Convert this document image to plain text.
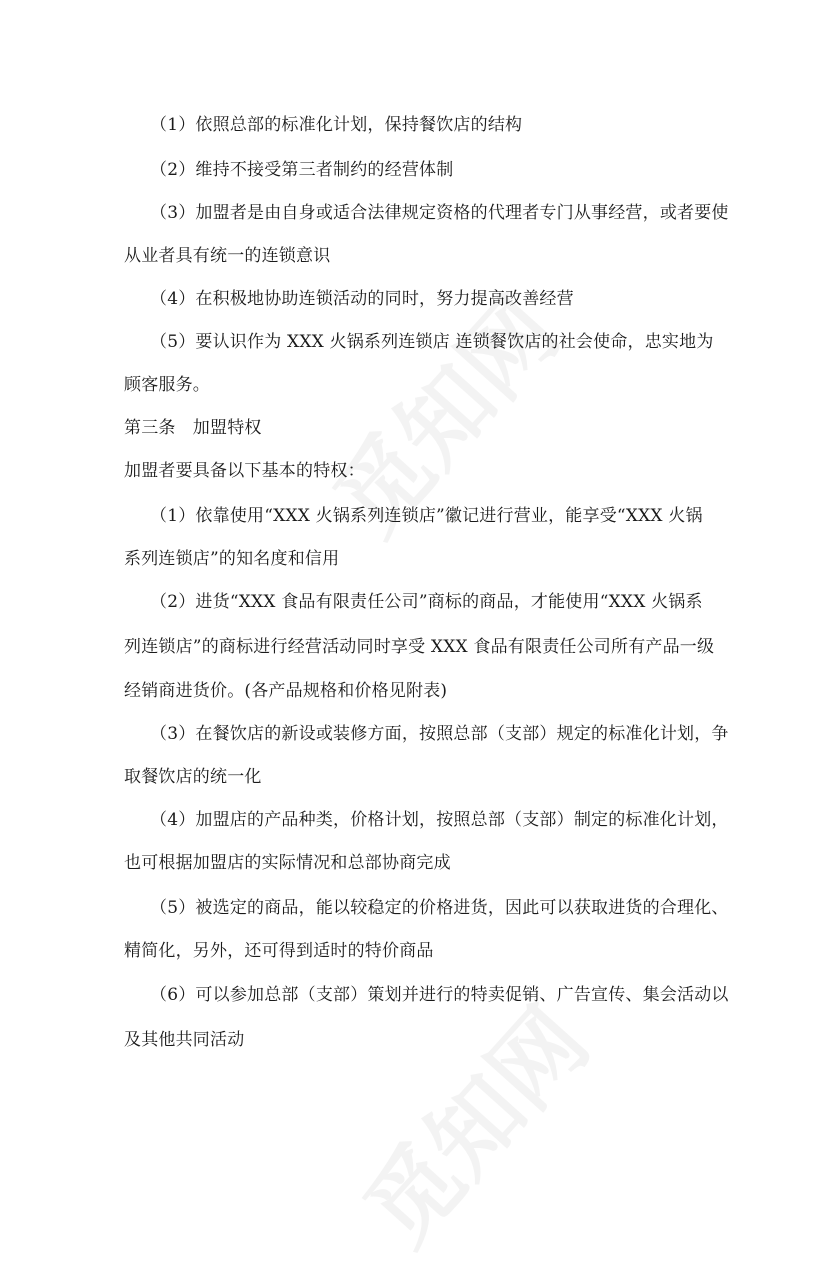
（1）依照总部的标准化计划，保持餐饮店的结构
（2）维持不接受第三者制约的经营体制
（3）加盟者是由自身或适合法律规定资格的代理者专门从事经营，或者要使
从业者具有统一的连锁意识
（4）在积极地协助连锁活动的同时，努力提高改善经营
（5）要认识作为 XXX 火锅系列连锁店 连锁餐饮店的社会使命，忠实地为
顾客服务。
第三条　加盟特权
加盟者要具备以下基本的特权：
（1）依靠使用“XXX 火锅系列连锁店”徽记进行营业，能享受“XXX 火锅
系列连锁店”的知名度和信用
（2）进货“XXX 食品有限责任公司”商标的商品，才能使用“XXX 火锅系
列连锁店”的商标进行经营活动同时享受 XXX 食品有限责任公司所有产品一级
经销商进货价。(各产品规格和价格见附表)
（3）在餐饮店的新设或装修方面，按照总部（支部）规定的标准化计划，争
取餐饮店的统一化
（4）加盟店的产品种类，价格计划，按照总部（支部）制定的标准化计划，
也可根据加盟店的实际情况和总部协商完成
（5）被选定的商品，能以较稳定的价格进货，因此可以获取进货的合理化、
精简化，另外，还可得到适时的特价商品
（6）可以参加总部（支部）策划并进行的特卖促销、广告宣传、集会活动以
及其他共同活动
